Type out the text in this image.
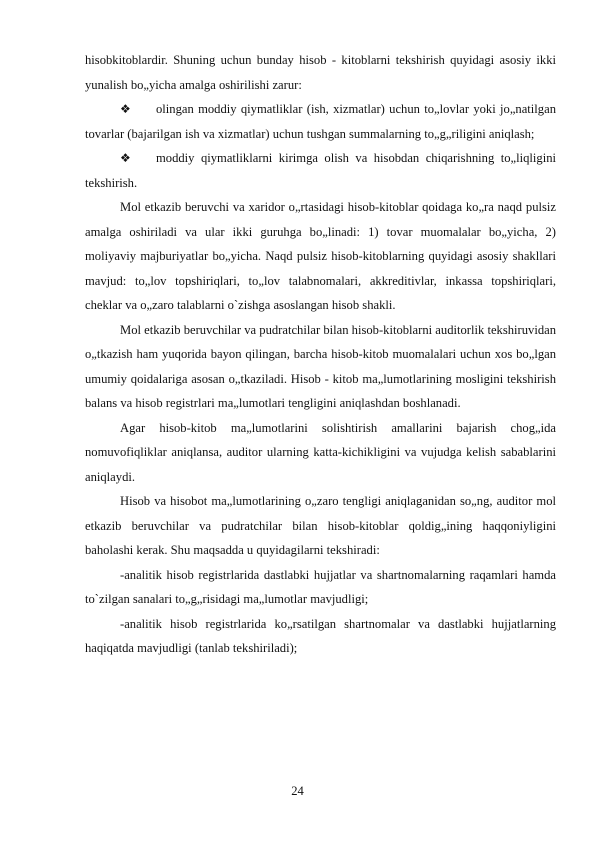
hisobkitoblardir. Shuning uchun bunday hisob - kitoblarni tekshirish quyidagi asosiy ikki yunalish bo„yicha amalga oshirilishi zarur:

❖ olingan moddiy qiymatliklar (ish, xizmatlar) uchun to„lovlar yoki jo„natilgan tovarlar (bajarilgan ish va xizmatlar) uchun tushgan summalarning to„g„riligini aniqlash;

❖ moddiy qiymatliklarni kirimga olish va hisobdan chiqarishning to„liqligini tekshirish.

Mol etkazib beruvchi va xaridor o„rtasidagi hisob-kitoblar qoidaga ko„ra naqd pulsiz amalga oshiriladi va ular ikki guruhga bo„linadi: 1) tovar muomalalar bo„yicha, 2) moliyaviy majburiyatlar bo„yicha. Naqd pulsiz hisob-kitoblarning quyidagi asosiy shakllari mavjud: to„lov topshiriqlari, to„lov talabnomalari, akkreditivlar, inkassa topshiriqlari, cheklar va o„zaro talablarni o`zishga asoslangan hisob shakli.

Mol etkazib beruvchilar va pudratchilar bilan hisob-kitoblarni auditorlik tekshiruvidan o„tkazish ham yuqorida bayon qilingan, barcha hisob-kitob muomalalari uchun xos bo„lgan umumiy qoidalariga asosan o„tkaziladi. Hisob - kitob ma„lumotlarining mosligini tekshirish balans va hisob registrlari ma„lumotlari tengligini aniqlashdan boshlanadi.

Agar hisob-kitob ma„lumotlarini solishtirish amallarini bajarish chog„ida nomuvofiqliklar aniqlansa, auditor ularning katta-kichikligini va vujudga kelish sabablarini aniqlaydi.

Hisob va hisobot ma„lumotlarining o„zaro tengligi aniqlaganidan so„ng, auditor mol etkazib beruvchilar va pudratchilar bilan hisob-kitoblar qoldig„ining haqqoniyligini baholashi kerak. Shu maqsadda u quyidagilarni tekshiradi:

-analitik hisob registrlarida dastlabki hujjatlar va shartnomalarning raqamlari hamda to`zilgan sanalari to„g„risidagi ma„lumotlar mavjudligi;

-analitik hisob registrlarida ko„rsatilgan shartnomalar va dastlabki hujjatlarning haqiqatda mavjudligi (tanlab tekshiriladi);

24
